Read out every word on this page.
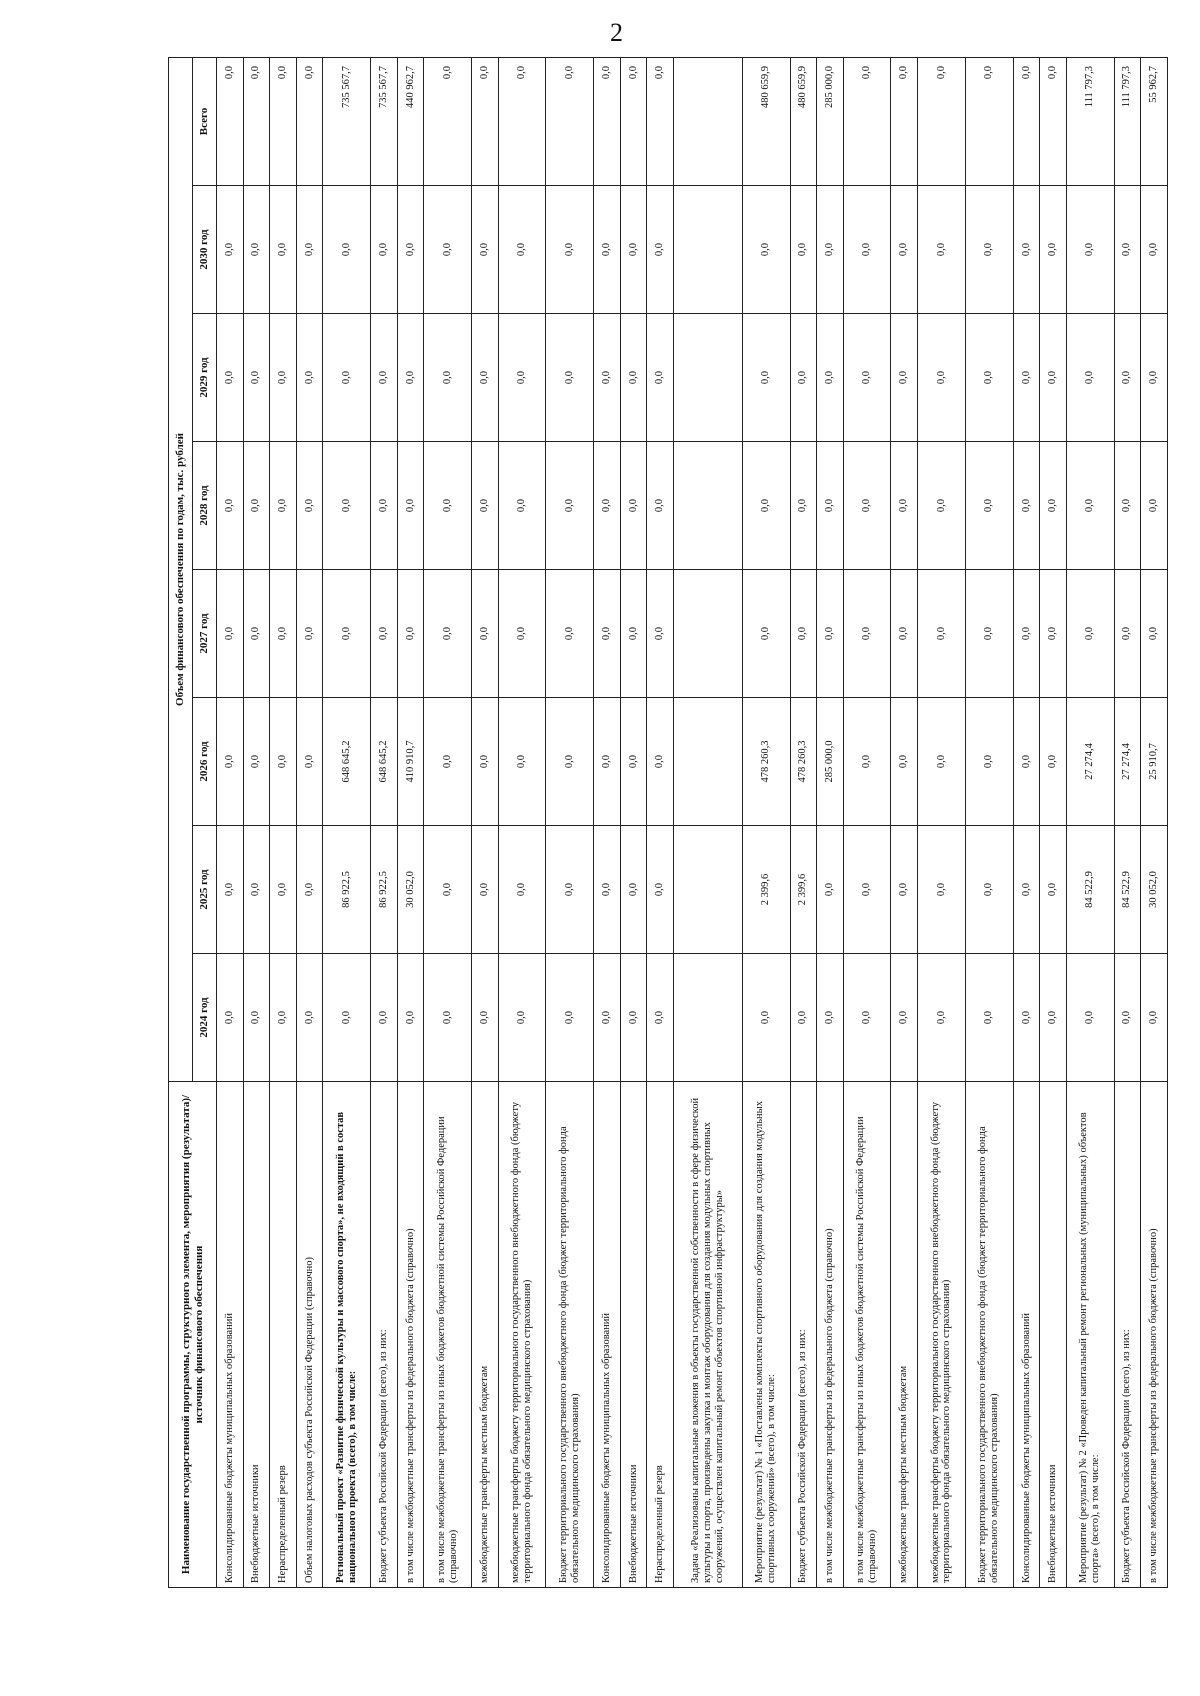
2
Наименование государственной программы, структурного элемента, мероприятия (результата)/источник финансового обеспечения	Объем финансового обеспечения по годам, тыс. рублей							
	2024 год	2025 год	2026 год	2027 год	2028 год	2029 год	2030 год	Всего
Консолидированные бюджеты муниципальных образований	0,0	0,0	0,0	0,0	0,0	0,0	0,0	0,0
Внебюджетные источники	0,0	0,0	0,0	0,0	0,0	0,0	0,0	0,0
Нераспределенный резерв	0,0	0,0	0,0	0,0	0,0	0,0	0,0	0,0
Объем налоговых расходов субъекта Российской Федерации (справочно)	0,0	0,0	0,0	0,0	0,0	0,0	0,0	0,0
Региональный проект «Развитие физической культуры и массового спорта», не входящий в состав национального проекта (всего), в том числе:	0,0	86 922,5	648 645,2	0,0	0,0	0,0	0,0	735 567,7
Бюджет субъекта Российской Федерации (всего), из них:	0,0	86 922,5	648 645,2	0,0	0,0	0,0	0,0	735 567,7
в том числе межбюджетные трансферты из федерального бюджета (справочно)	0,0	30 052,0	410 910,7	0,0	0,0	0,0	0,0	440 962,7
в том числе межбюджетные трансферты из иных бюджетов бюджетной системы Российской Федерации (справочно)	0,0	0,0	0,0	0,0	0,0	0,0	0,0	0,0
межбюджетные трансферты местным бюджетам	0,0	0,0	0,0	0,0	0,0	0,0	0,0	0,0
межбюджетные трансферты бюджету территориального государственного внебюджетного фонда (бюджету территориального фонда обязательного медицинского страхования)	0,0	0,0	0,0	0,0	0,0	0,0	0,0	0,0
Бюджет территориального государственного внебюджетного фонда (бюджет территориального фонда обязательного медицинского страхования)	0,0	0,0	0,0	0,0	0,0	0,0	0,0	0,0
Консолидированные бюджеты муниципальных образований	0,0	0,0	0,0	0,0	0,0	0,0	0,0	0,0
Внебюджетные источники	0,0	0,0	0,0	0,0	0,0	0,0	0,0	0,0
Нераспределенный резерв	0,0	0,0	0,0	0,0	0,0	0,0	0,0	0,0
Задача «Реализованы капитальные вложения в объекты государственной собственности в сфере физической культуры и спорта, произведены закупка и монтаж оборудования для создания модульных спортивных сооружений, осуществлен капитальный ремонт объектов спортивной инфраструктуры»								
Мероприятие (результат) № 1 «Поставлены комплекты спортивного оборудования для создания модульных спортивных сооружений» (всего), в том числе:	0,0	2 399,6	478 260,3	0,0	0,0	0,0	0,0	480 659,9
Бюджет субъекта Российской Федерации (всего), из них:	0,0	2 399,6	478 260,3	0,0	0,0	0,0	0,0	480 659,9
в том числе межбюджетные трансферты из федерального бюджета (справочно)	0,0	0,0	285 000,0	0,0	0,0	0,0	0,0	285 000,0
в том числе межбюджетные трансферты из иных бюджетов бюджетной системы Российской Федерации (справочно)	0,0	0,0	0,0	0,0	0,0	0,0	0,0	0,0
межбюджетные трансферты местным бюджетам	0,0	0,0	0,0	0,0	0,0	0,0	0,0	0,0
межбюджетные трансферты бюджету территориального государственного внебюджетного фонда (бюджету территориального фонда обязательного медицинского страхования)	0,0	0,0	0,0	0,0	0,0	0,0	0,0	0,0
Бюджет территориального государственного внебюджетного фонда (бюджет территориального фонда обязательного медицинского страхования)	0,0	0,0	0,0	0,0	0,0	0,0	0,0	0,0
Консолидированные бюджеты муниципальных образований	0,0	0,0	0,0	0,0	0,0	0,0	0,0	0,0
Внебюджетные источники	0,0	0,0	0,0	0,0	0,0	0,0	0,0	0,0
Мероприятие (результат) № 2 «Проведен капитальный ремонт региональных (муниципальных) объектов спорта» (всего), в том числе:	0,0	84 522,9	27 274,4	0,0	0,0	0,0	0,0	111 797,3
Бюджет субъекта Российской Федерации (всего), из них:	0,0	84 522,9	27 274,4	0,0	0,0	0,0	0,0	111 797,3
в том числе межбюджетные трансферты из федерального бюджета (справочно)	0,0	30 052,0	25 910,7	0,0	0,0	0,0	0,0	55 962,7
